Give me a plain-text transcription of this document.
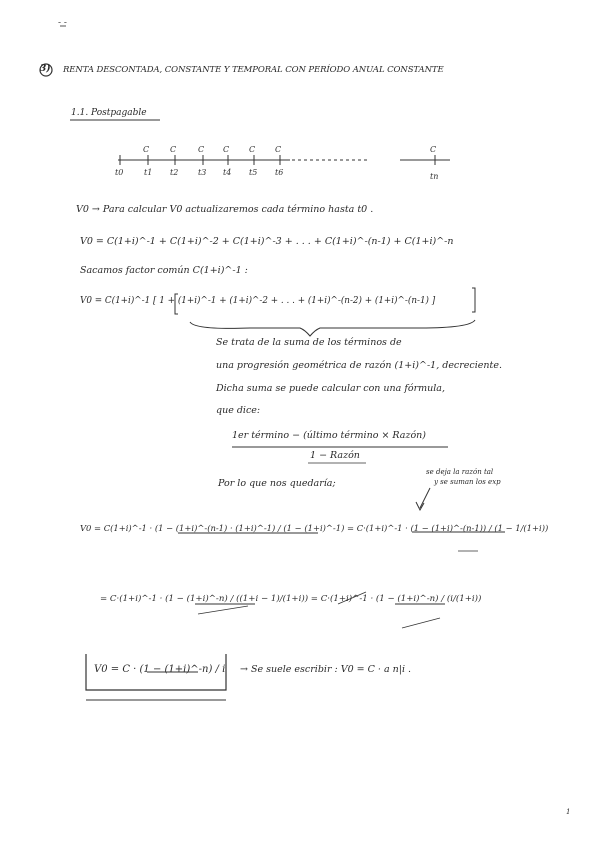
- -
3) RENTA DESCONTADA, CONSTANTE Y TEMPORAL CON PERÍODO ANUAL CONSTANTE
1.1. Postpagable
C	C	C C C C	C
t0	t1 t2 t3 t4 t5 t6	tn
V0 → Para calcular V0 actualizaremos cada término hasta t0 .
V0 = C(1+i)^-1 + C(1+i)^-2 + C(1+i)^-3 + . . . + C(1+i)^-(n-1) + C(1+i)^-n
Sacamos factor común C(1+i)^-1 :
V0 = C(1+i)^-1 [ 1 + (1+i)^-1 + (1+i)^-2 + . . . + (1+i)^-(n-2) + (1+i)^-(n-1) ]
Se trata de la suma de los términos de
una progresión geométrica de razón (1+i)^-1, decreciente.
Dicha suma se puede calcular con una fórmula,
que dice:
1er término − (último término × Razón)
1 − Razón
Por lo que nos quedaría;
se deja la razón tal
y se suman los exp
V0 = C(1+i)^-1 · (1 − (1+i)^-(n-1) · (1+i)^-1) / (1 − (1+i)^-1) = C·(1+i)^-1 · (1 − (1+i)^-(n-1)) / (1 − 1/(1+i))
= C·(1+i)^-1 · (1 − (1+i)^-n) / ((1+i − 1)/(1+i)) = C·(1+i)^-1 · (1 − (1+i)^-n) / (i/(1+i))
V0 = C · (1 − (1+i)^-n) / i → Se suele escribir : V0 = C · a n|i .
1
